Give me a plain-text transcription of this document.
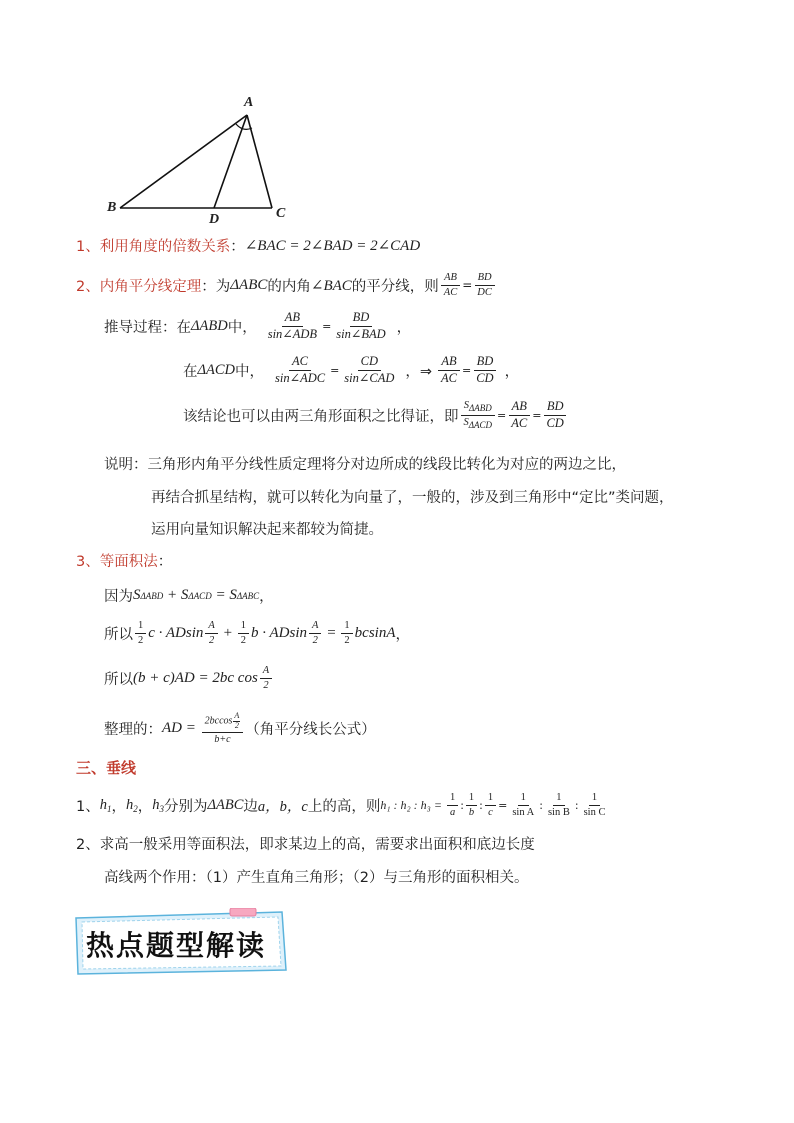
A
B
D	C
1、利用角度的倍数关系 ： ∠BAC = 2∠BAD = 2∠CAD
2、内角平分线定理 ：为 ΔABC 的内角 ∠BAC 的平分线，则 $\frac{AB}{AC} = \frac{BD}{DC}$
推导过程：在 ΔABD 中， $\frac{AB}{\text{sin∠ADB}} = \frac{BD}{\text{sin∠BAD}}$ ，
在 ΔACD 中， $\frac{AC}{\text{sin∠ADC}} = \frac{CD}{\text{sin∠CAD}}$ ，⇒ $\frac{AB}{AC} = \frac{BD}{CD}$ ，
该结论也可以由两三角形面积之比得证，即 $\frac{S_{\Delta ABD}}{S_{\Delta ACD}} = \frac{AB}{AC} = \frac{BD}{CD}$
说明：三角形内角平分线性质定理将分对边所成的线段比转化为对应的两边之比，
再结合抓星结构，就可以转化为向量了，一般的，涉及到三角形中“定比”类问题，
运用向量知识解决起来都较为简捷。
3、等面积法 ：
因为 S ΔABD + S ΔACD = S ΔABC ，
所以 $\frac{1}{2}$ c · ADsin $\frac{A}{2} + \frac{1}{2}$ b · ADsin $\frac{A}{2} = \frac{1}{2}$ bcsinA ，
所以 (b + c)AD = 2bc $\cos \frac{A}{2}$
整理的： AD = $\frac{2bccos \frac{A}{2}}{b+c}$ （角平分线长公式）
三、垂线
1、 $h_1$ ， $h_2$ ， $h_3$ 分别为 ΔABC 边 a，b，c 上的高，则 h₁ : h₂ : $h_3 = \frac{1}{a}$ : $\frac{1}{b}$ : $\frac{1}{c} = \frac{1}{\text{sin A}}$ : $\frac{1}{\text{sin B}}$ : $\frac{1}{\text{sin C}}$
2、求高一般采用等面积法，即求某边上的高，需要求出面积和底边长度
高线两个作用：（1）产生直角三角形；（2）与三角形的面积相关。
热点题型解读
